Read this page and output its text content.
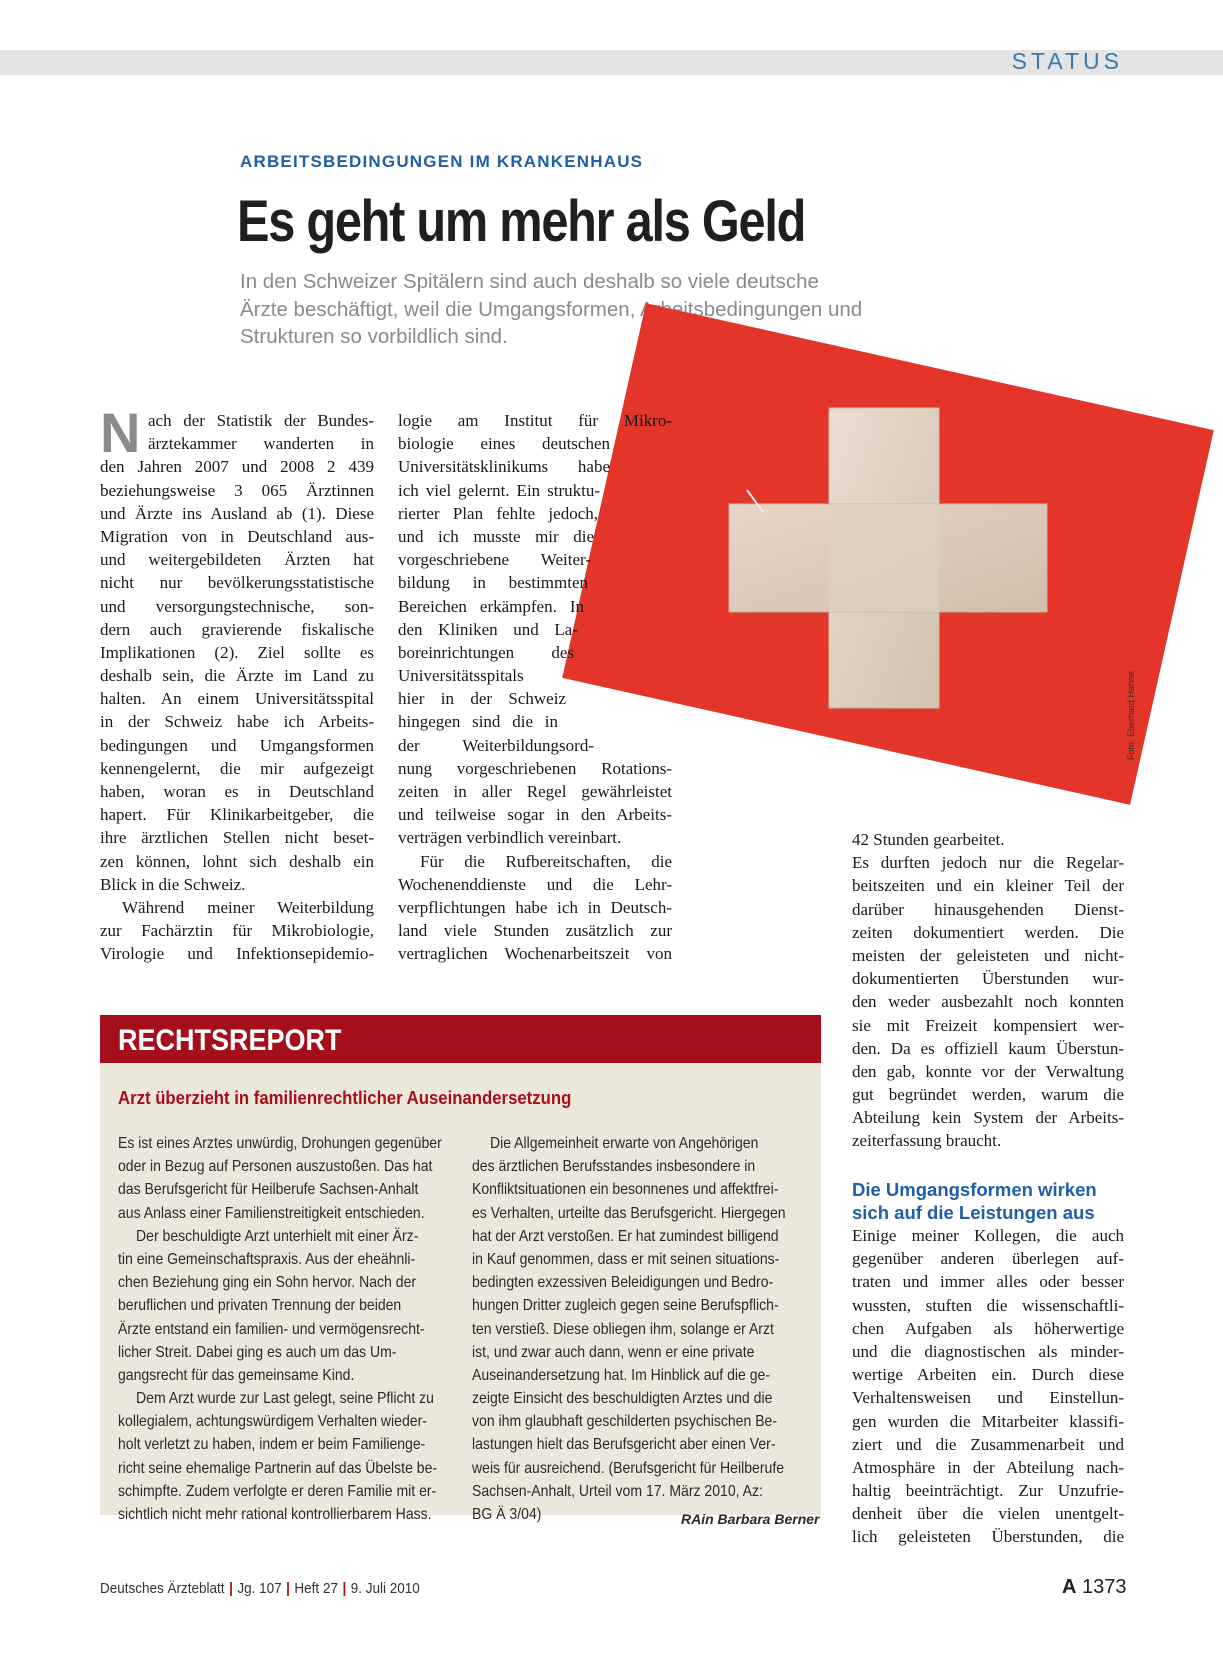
STATUS
ARBEITSBEDINGUNGEN IM KRANKENHAUS
Es geht um mehr als Geld
In den Schweizer Spitälern sind auch deshalb so viele deutsche
Ärzte beschäftigt, weil die Umgangsformen, Arbeitsbedingungen und
Strukturen so vorbildlich sind.
Foto: Eberhard Hahne
N ach der Statistik der Bundes-
ärztekammer wanderten in
den Jahren 2007 und 2008 2 439
beziehungsweise 3 065 Ärztinnen
und Ärzte ins Ausland ab (1). Diese
Migration von in Deutschland aus-
und weitergebildeten Ärzten hat
nicht nur bevölkerungsstatistische
und versorgungstechnische, son-
dern auch gravierende fiskalische
Implikationen (2). Ziel sollte es
deshalb sein, die Ärzte im Land zu
halten. An einem Universitätsspital
in der Schweiz habe ich Arbeits-
bedingungen und Umgangsformen
kennengelernt, die mir aufgezeigt
haben, woran es in Deutschland
hapert. Für Klinikarbeitgeber, die
ihre ärztlichen Stellen nicht beset-
zen können, lohnt sich deshalb ein
Blick in die Schweiz.
Während meiner Weiterbildung
zur Fachärztin für Mikrobiologie,
Virologie und Infektionsepidemio-
logie am Institut für Mikro-
biologie eines deutschen
Universitätsklinikums habe
ich viel gelernt. Ein struktu-
rierter Plan fehlte jedoch,
und ich musste mir die
vorgeschriebene Weiter-
bildung in bestimmten
Bereichen erkämpfen. In
den Kliniken und La-
boreinrichtungen des
Universitätsspitals
hier in der Schweiz
hingegen sind die in
der Weiterbildungsord-
nung vorgeschriebenen Rotations-
zeiten in aller Regel gewährleistet
und teilweise sogar in den Arbeits-
verträgen verbindlich vereinbart.
Für die Rufbereitschaften, die
Wochenenddienste und die Lehr-
verpflichtungen habe ich in Deutsch-
land viele Stunden zusätzlich zur
vertraglichen Wochenarbeitszeit von
42 Stunden gearbeitet.
Es durften jedoch nur die Regelar-
beitszeiten und ein kleiner Teil der
darüber hinausgehenden Dienst-
zeiten dokumentiert werden. Die
meisten der geleisteten und nicht-
dokumentierten Überstunden wur-
den weder ausbezahlt noch konnten
sie mit Freizeit kompensiert wer-
den. Da es offiziell kaum Überstun-
den gab, konnte vor der Verwaltung
gut begründet werden, warum die
Abteilung kein System der Arbeits-
zeiterfassung braucht.
Die Umgangsformen wirken
sich auf die Leistungen aus
Einige meiner Kollegen, die auch
gegenüber anderen überlegen auf-
traten und immer alles oder besser
wussten, stuften die wissenschaftli-
chen Aufgaben als höherwertige
und die diagnostischen als minder-
wertige Arbeiten ein. Durch diese
Verhaltensweisen und Einstellun-
gen wurden die Mitarbeiter klassifi-
ziert und die Zusammenarbeit und
Atmosphäre in der Abteilung nach-
haltig beeinträchtigt. Zur Unzufrie-
denheit über die vielen unentgelt-
lich geleisteten Überstunden, die
RECHTSREPORT
Arzt überzieht in familienrechtlicher Auseinandersetzung
Es ist eines Arztes unwürdig, Drohungen gegenüber
oder in Bezug auf Personen auszustoßen. Das hat
das Berufsgericht für Heilberufe Sachsen-Anhalt
aus Anlass einer Familienstreitigkeit entschieden.
Der beschuldigte Arzt unterhielt mit einer Ärz-
tin eine Gemeinschaftspraxis. Aus der eheähnli-
chen Beziehung ging ein Sohn hervor. Nach der
beruflichen und privaten Trennung der beiden
Ärzte entstand ein familien- und vermögensrecht-
licher Streit. Dabei ging es auch um das Um-
gangsrecht für das gemeinsame Kind.
Dem Arzt wurde zur Last gelegt, seine Pflicht zu
kollegialem, achtungswürdigem Verhalten wieder-
holt verletzt zu haben, indem er beim Familienge-
richt seine ehemalige Partnerin auf das Übelste be-
schimpfte. Zudem verfolgte er deren Familie mit er-
sichtlich nicht mehr rational kontrollierbarem Hass.
Die Allgemeinheit erwarte von Angehörigen
des ärztlichen Berufsstandes insbesondere in
Konfliktsituationen ein besonnenes und affektfrei-
es Verhalten, urteilte das Berufsgericht. Hiergegen
hat der Arzt verstoßen. Er hat zumindest billigend
in Kauf genommen, dass er mit seinen situations-
bedingten exzessiven Beleidigungen und Bedro-
hungen Dritter zugleich gegen seine Berufspflich-
ten verstieß. Diese obliegen ihm, solange er Arzt
ist, und zwar auch dann, wenn er eine private
Auseinandersetzung hat. Im Hinblick auf die ge-
zeigte Einsicht des beschuldigten Arztes und die
von ihm glaubhaft geschilderten psychischen Be-
lastungen hielt das Berufsgericht aber einen Ver-
weis für ausreichend. (Berufsgericht für Heilberufe
Sachsen-Anhalt, Urteil vom 17. März 2010, Az:
BG Ä 3/04)	RAin Barbara Berner
Deutsches Ärzteblatt | Jg. 107 | Heft 27 | 9. Juli 2010	A 1373
